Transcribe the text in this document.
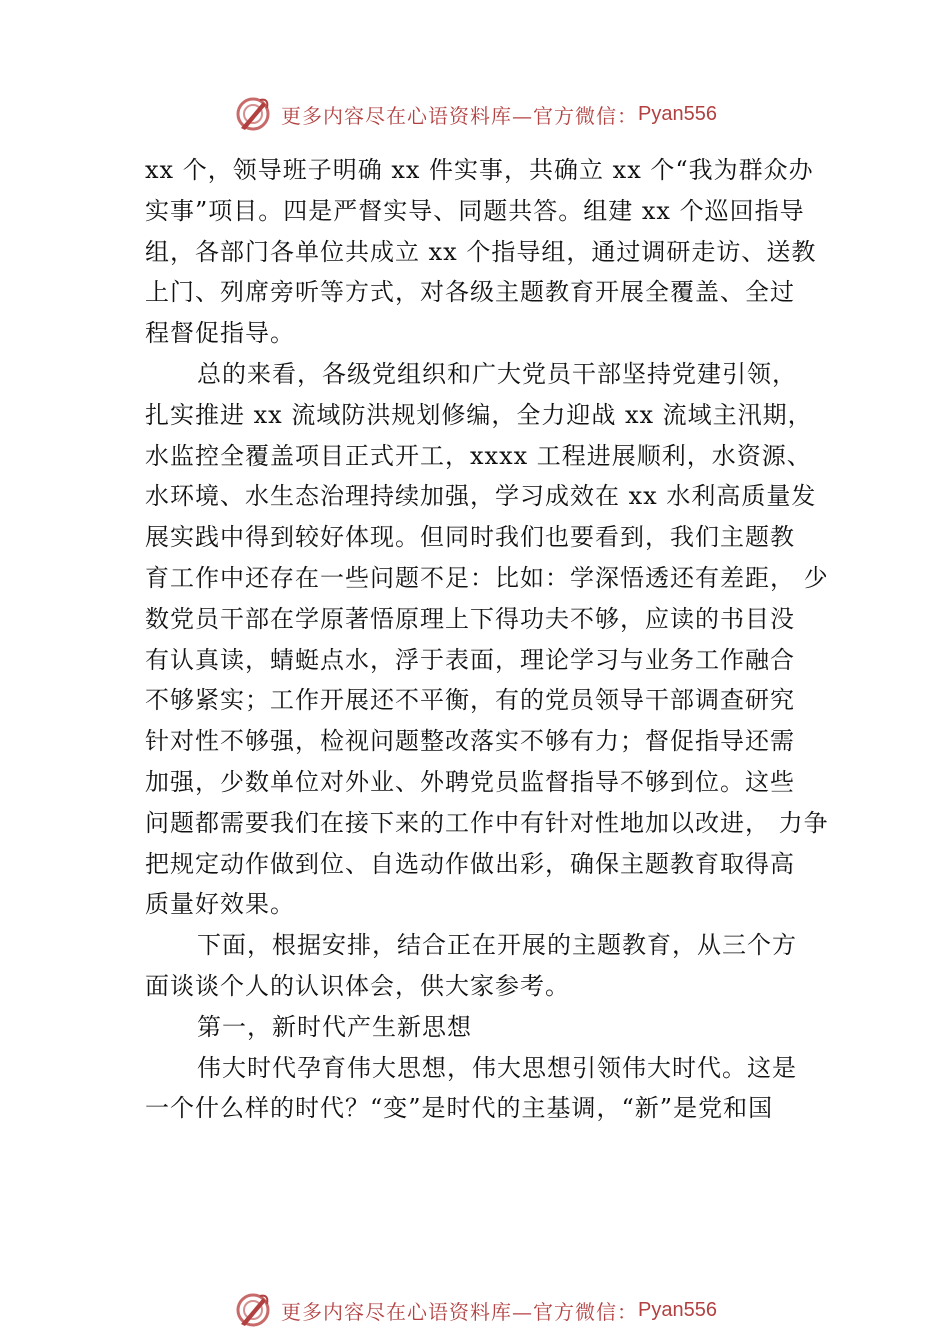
更多内容尽在心语资料库—官方微信： Pyan556
xx 个，领导班子明确 xx 件实事，共确立 xx 个“我为群众办
实事”项目。四是严督实导、同题共答。组建 xx 个巡回指导
组，各部门各单位共成立 xx 个指导组，通过调研走访、送教
上门、列席旁听等方式，对各级主题教育开展全覆盖、全过
程督促指导。
总的来看，各级党组织和广大党员干部坚持党建引领，
扎实推进 xx 流域防洪规划修编，全力迎战 xx 流域主汛期，
水监控全覆盖项目正式开工，xxxx 工程进展顺利，水资源、
水环境、水生态治理持续加强，学习成效在 xx 水利高质量发
展实践中得到较好体现。但同时我们也要看到，我们主题教
育工作中还存在一些问题不足：比如：学深悟透还有差距， 少
数党员干部在学原著悟原理上下得功夫不够，应读的书目没
有认真读，蜻蜓点水，浮于表面，理论学习与业务工作融合
不够紧实；工作开展还不平衡，有的党员领导干部调查研究
针对性不够强，检视问题整改落实不够有力；督促指导还需
加强，少数单位对外业、外聘党员监督指导不够到位。这些
问题都需要我们在接下来的工作中有针对性地加以改进， 力争
把规定动作做到位、自选动作做出彩，确保主题教育取得高
质量好效果。
下面，根据安排，结合正在开展的主题教育，从三个方
面谈谈个人的认识体会，供大家参考。
第一，新时代产生新思想
伟大时代孕育伟大思想，伟大思想引领伟大时代。这是
一个什么样的时代？“变”是时代的主基调，“新”是党和国
更多内容尽在心语资料库—官方微信： Pyan556
